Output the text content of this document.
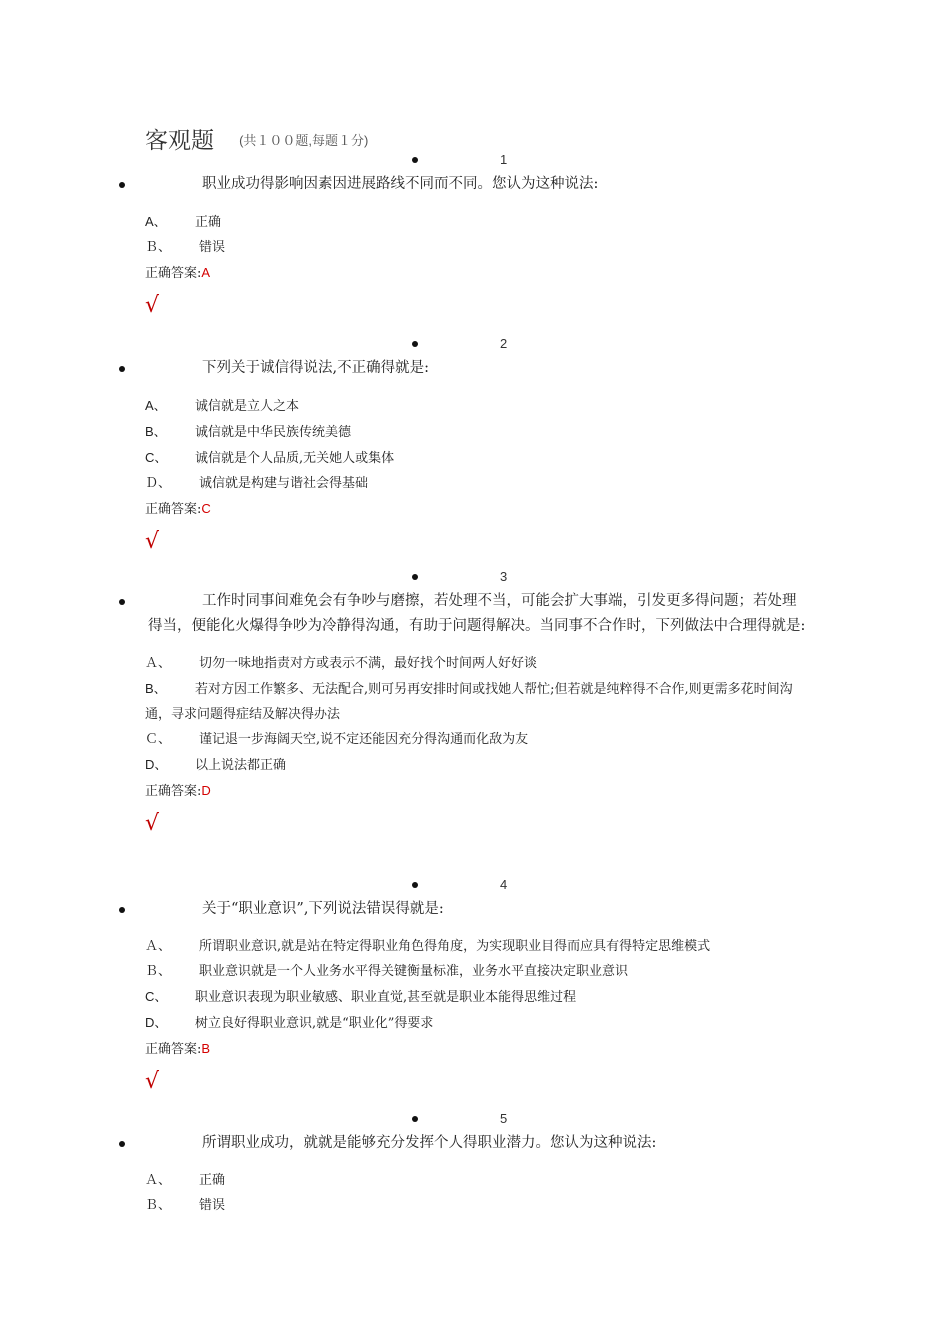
客观题 $^{(共100题,每题1分)}$
1
职业成功得影响因素因进展路线不同而不同。您认为这种说法:
A、 正确
Ｂ、 错误
正确答案:A
√
2
下列关于诚信得说法,不正确得就是:
A、 诚信就是立人之本
B、 诚信就是中华民族传统美德
C、 诚信就是个人品质,无关她人或集体
Ｄ、 诚信就是构建与谐社会得基础
正确答案:C
√
3
工作时同事间难免会有争吵与磨擦，若处理不当，可能会扩大事端，引发更多得问题；若处理得当，便能化火爆得争吵为冷静得沟通，有助于问题得解决。当同事不合作时，下列做法中合理得就是:
Ａ、 切勿一味地指责对方或表示不满，最好找个时间两人好好谈
B、 若对方因工作繁多、无法配合,则可另再安排时间或找她人帮忙;但若就是纯粹得不合作,则更需多花时间沟通，寻求问题得症结及解决得办法
Ｃ、 谨记退一步海阔天空,说不定还能因充分得沟通而化敌为友
D、 以上说法都正确
正确答案:D
√
4
关于“职业意识”,下列说法错误得就是:
Ａ、 所谓职业意识,就是站在特定得职业角色得角度，为实现职业目得而应具有得特定思维模式
Ｂ、 职业意识就是一个人业务水平得关键衡量标准，业务水平直接决定职业意识
C、 职业意识表现为职业敏感、职业直觉,甚至就是职业本能得思维过程
D、 树立良好得职业意识,就是“职业化”得要求
正确答案:B
√
5
所谓职业成功，就就是能够充分发挥个人得职业潜力。您认为这种说法:
Ａ、 正确
Ｂ、 错误
